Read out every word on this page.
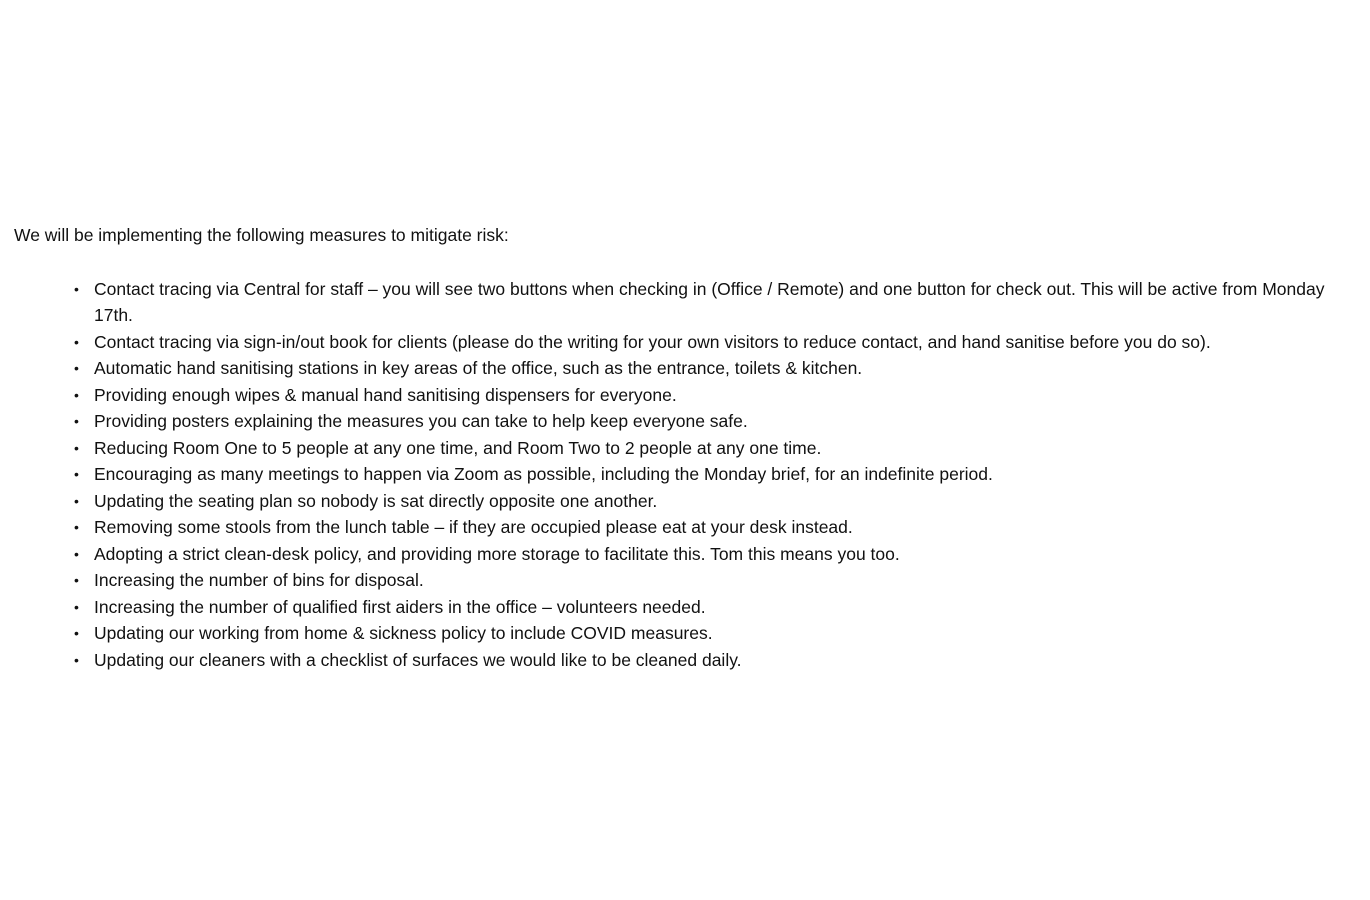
We will be implementing the following measures to mitigate risk:

• Contact tracing via Central for staff – you will see two buttons when checking in (Office / Remote) and one button for check out. This will be active from Monday 17th.
• Contact tracing via sign-in/out book for clients (please do the writing for your own visitors to reduce contact, and hand sanitise before you do so).
• Automatic hand sanitising stations in key areas of the office, such as the entrance, toilets & kitchen.
• Providing enough wipes & manual hand sanitising dispensers for everyone.
• Providing posters explaining the measures you can take to help keep everyone safe.
• Reducing Room One to 5 people at any one time, and Room Two to 2 people at any one time.
• Encouraging as many meetings to happen via Zoom as possible, including the Monday brief, for an indefinite period.
• Updating the seating plan so nobody is sat directly opposite one another.
• Removing some stools from the lunch table – if they are occupied please eat at your desk instead.
• Adopting a strict clean-desk policy, and providing more storage to facilitate this. Tom this means you too.
• Increasing the number of bins for disposal.
• Increasing the number of qualified first aiders in the office – volunteers needed.
• Updating our working from home & sickness policy to include COVID measures.
• Updating our cleaners with a checklist of surfaces we would like to be cleaned daily.
